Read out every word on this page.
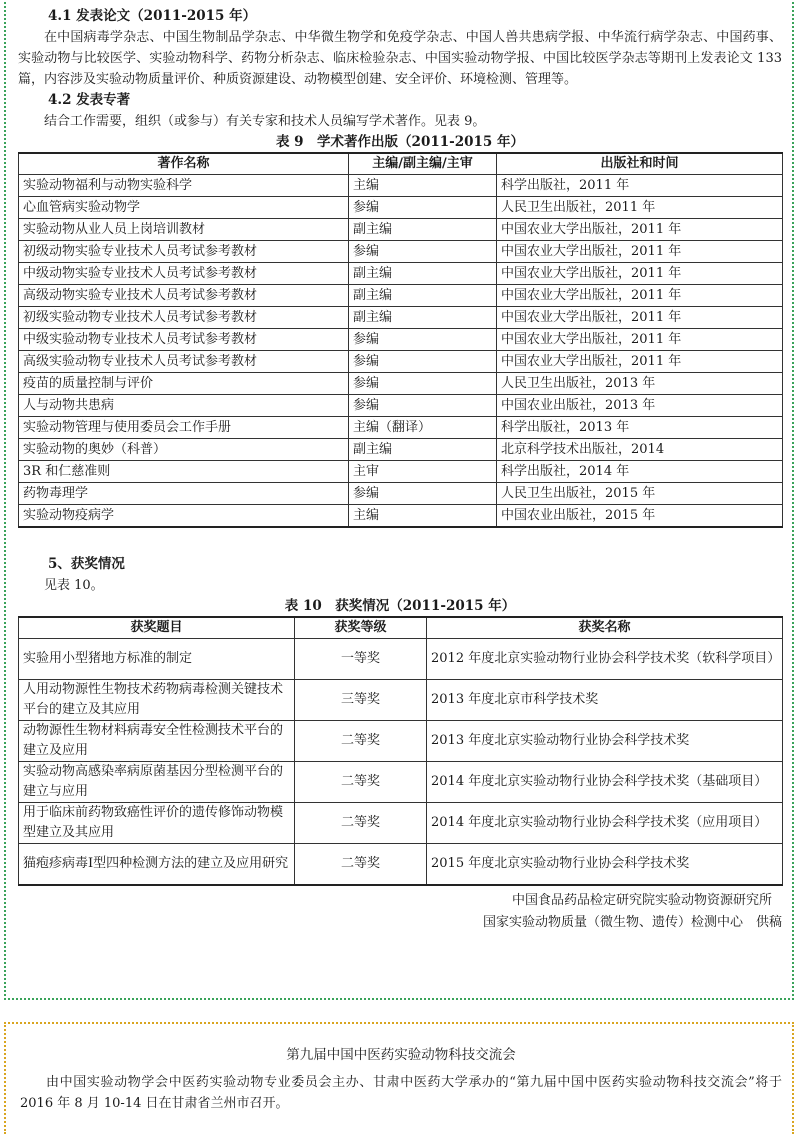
4.1 发表论文（2011-2015 年）

在中国病毒学杂志、中国生物制品学杂志、中华微生物学和免疫学杂志、中国人兽共患病学报、中华流行病学杂志、中国药事、实验动物与比较医学、实验动物科学、药物分析杂志、临床检验杂志、中国实验动物学报、中国比较医学杂志等期刊上发表论文 133 篇，内容涉及实验动物质量评价、种质资源建设、动物模型创建、安全评价、环境检测、管理等。

4.2 发表专著

结合工作需要，组织（或参与）有关专家和技术人员编写学术著作。见表 9。

表 9　学术著作出版（2011-2015 年）
著作名称	主编/副主编/主审	出版社和时间
实验动物福利与动物实验科学	主编	科学出版社，2011 年
心血管病实验动物学	参编	人民卫生出版社，2011 年
实验动物从业人员上岗培训教材	副主编	中国农业大学出版社，2011 年
初级动物实验专业技术人员考试参考教材	参编	中国农业大学出版社，2011 年
中级动物实验专业技术人员考试参考教材	副主编	中国农业大学出版社，2011 年
高级动物实验专业技术人员考试参考教材	副主编	中国农业大学出版社，2011 年
初级实验动物专业技术人员考试参考教材	副主编	中国农业大学出版社，2011 年
中级实验动物专业技术人员考试参考教材	参编	中国农业大学出版社，2011 年
高级实验动物专业技术人员考试参考教材	参编	中国农业大学出版社，2011 年
疫苗的质量控制与评价	参编	人民卫生出版社，2013 年
人与动物共患病	参编	中国农业出版社，2013 年
实验动物管理与使用委员会工作手册	主编（翻译）	科学出版社，2013 年
实验动物的奥妙（科普）	副主编	北京科学技术出版社，2014
3R 和仁慈准则	主审	科学出版社，2014 年
药物毒理学	参编	人民卫生出版社，2015 年
实验动物疫病学	主编	中国农业出版社，2015 年
5、获奖情况

见表 10。

表 10　获奖情况（2011-2015 年）
获奖题目	获奖等级	获奖名称
实验用小型猪地方标准的制定	一等奖	2012 年度北京实验动物行业协会科学技术奖（软科学项目）
人用动物源性生物技术药物病毒检测关键技术平台的建立及其应用	三等奖	2013 年度北京市科学技术奖
动物源性生物材料病毒安全性检测技术平台的建立及应用	二等奖	2013 年度北京实验动物行业协会科学技术奖
实验动物高感染率病原菌基因分型检测平台的建立与应用	二等奖	2014 年度北京实验动物行业协会科学技术奖（基础项目）
用于临床前药物致癌性评价的遗传修饰动物模型建立及其应用	二等奖	2014 年度北京实验动物行业协会科学技术奖（应用项目）
猫疱疹病毒Ⅰ型四种检测方法的建立及应用研究	二等奖	2015 年度北京实验动物行业协会科学技术奖
中国食品药品检定研究院实验动物资源研究所
国家实验动物质量（微生物、遗传）检测中心　供稿
第九届中国中医药实验动物科技交流会

由中国实验动物学会中医药实验动物专业委员会主办、甘肃中医药大学承办的“第九届中国中医药实验动物科技交流会”将于 2016 年 8 月 10-14 日在甘肃省兰州市召开。
